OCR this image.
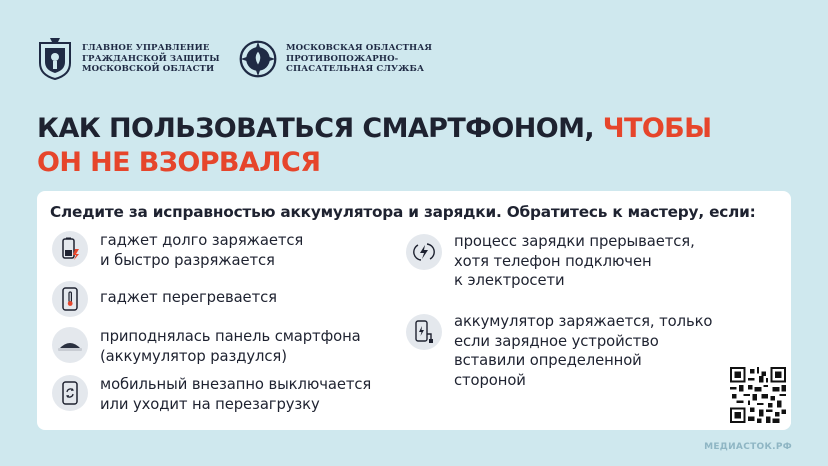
ГЛАВНОЕ УПРАВЛЕНИЕ
ГРАЖДАНСКОЙ ЗАЩИТЫ
МОСКОВСКОЙ ОБЛАСТИ
МОСКОВСКАЯ ОБЛАСТНАЯ
ПРОТИВОПОЖАРНО-
СПАСАТЕЛЬНАЯ СЛУЖБА
КАК ПОЛЬЗОВАТЬСЯ СМАРТФОНОМ, ЧТОБЫ
ОН НЕ ВЗОРВАЛСЯ

Следите за исправностью аккумулятора и зарядки. Обратитесь к мастеру, если:

гаджет долго заряжается
и быстро разряжается
гаджет перегревается
приподнялась панель смартфона
(аккумулятор раздулся)
мобильный внезапно выключается
или уходит на перезагрузку
процесс зарядки прерывается,
хотя телефон подключен
к электросети
аккумулятор заряжается, только
если зарядное устройство
вставили определенной
стороной
МЕДИАСТОК.РФ
